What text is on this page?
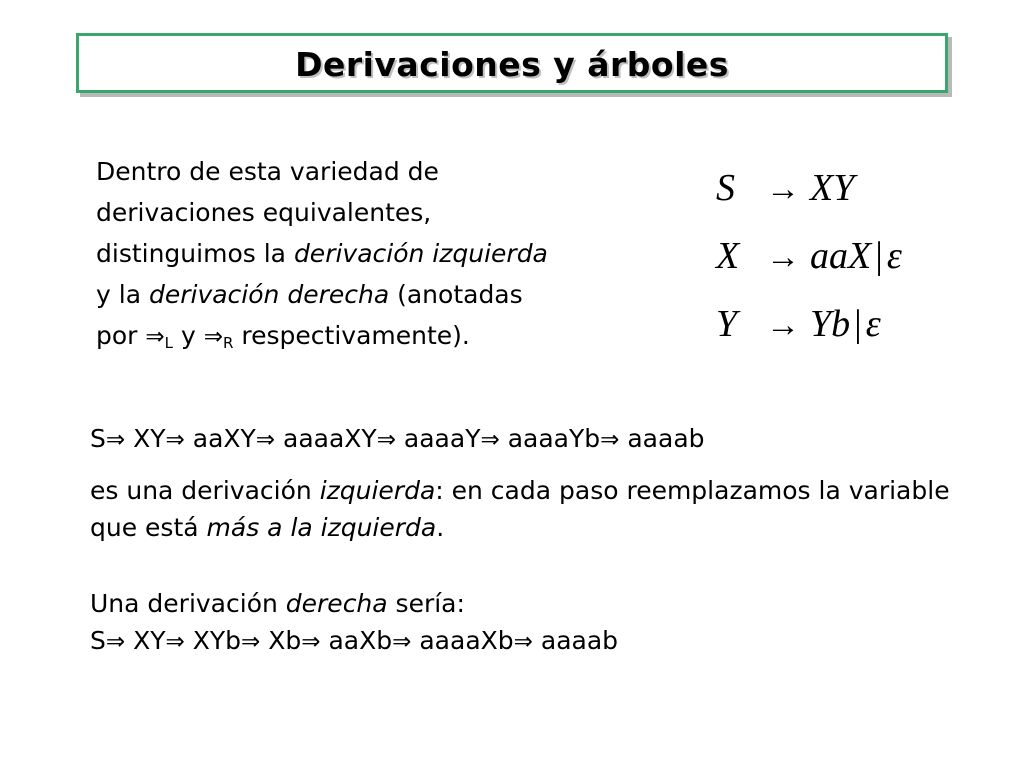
Derivaciones y árboles
Dentro de esta variedad de
derivaciones equivalentes,
distinguimos la derivación izquierda
y la derivación derecha (anotadas
por $\Rightarrow_L$ y $\Rightarrow_R$ respectivamente).
S → XY
X → aaX | ε
Y → Yb | ε
S⇒ XY⇒ aaXY⇒ aaaaXY⇒ aaaaY⇒ aaaaYb⇒ aaaab
es una derivación izquierda: en cada paso reemplazamos la variable que está más a la izquierda.
Una derivación derecha sería:
S⇒ XY⇒ XYb⇒ Xb⇒ aaXb⇒ aaaaXb⇒ aaaab
